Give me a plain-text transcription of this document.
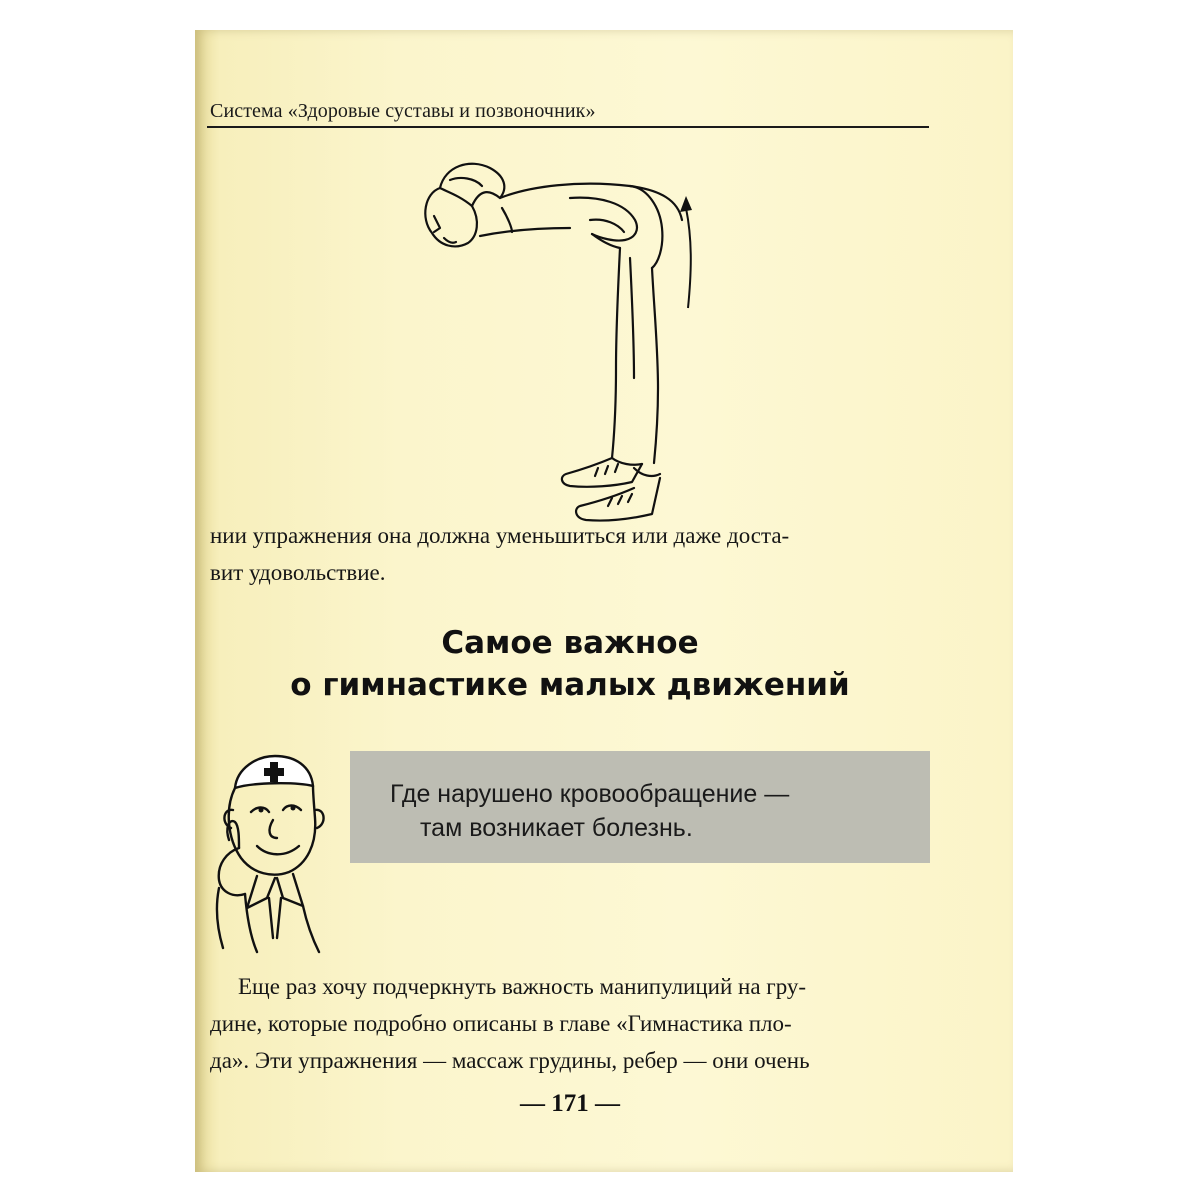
Система «Здоровые суставы и позвоночник»
нии упражнения она должна уменьшиться или даже доста-
вит удовольствие.
Самое важное
о гимнастике малых движений
Где нарушено кровообращение —
там возникает болезнь.
Еще раз хочу подчеркнуть важность манипулиций на гру-
дине, которые подробно описаны в главе «Гимнастика пло-
да». Эти упражнения — массаж грудины, ребер — они очень
— 171 —
